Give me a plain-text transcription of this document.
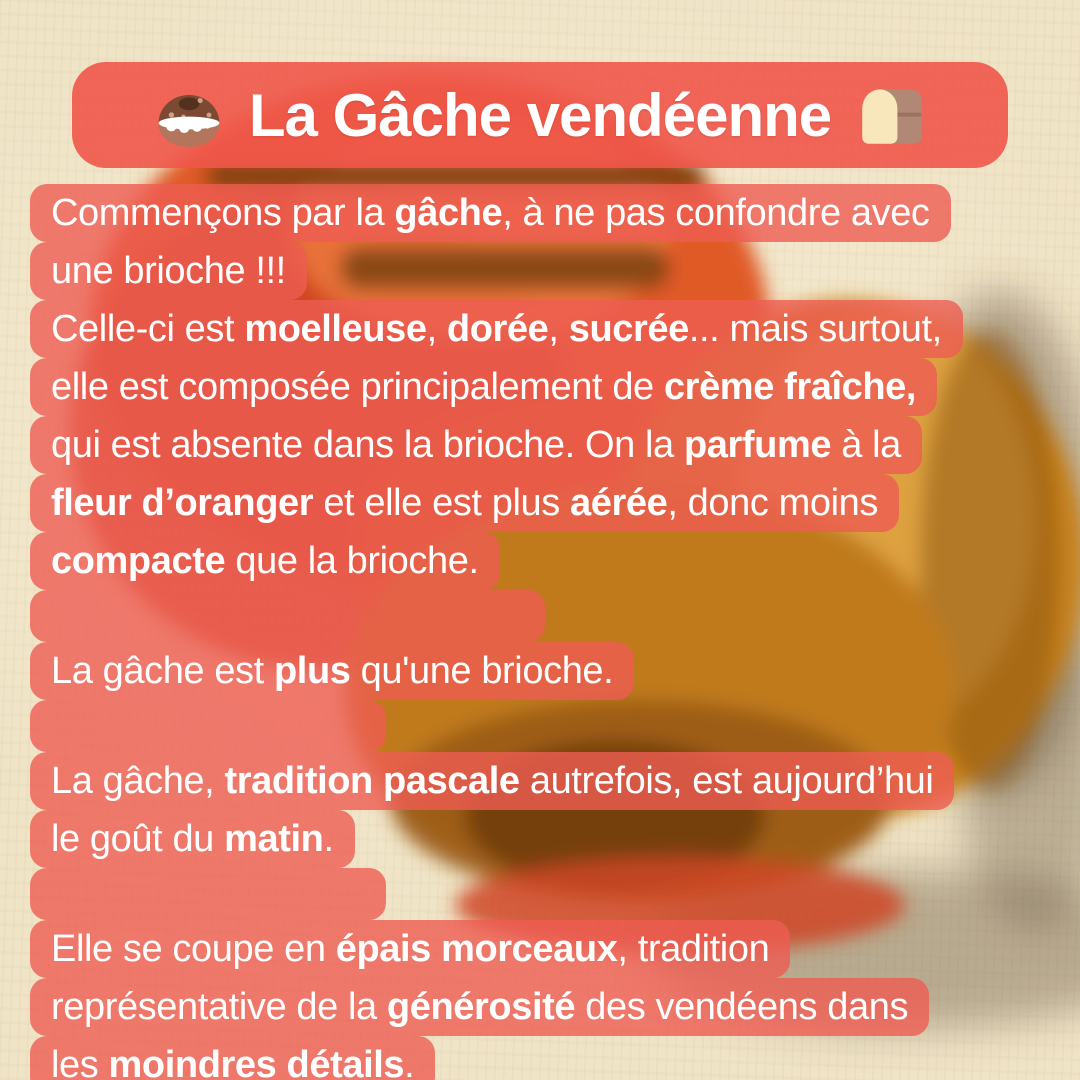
La Gâche vendéenne
Commençons par la gâche, à ne pas confondre avec
une brioche !!!
Celle-ci est moelleuse, dorée, sucrée... mais surtout,
elle est composée principalement de crème fraîche,
qui est absente dans la brioche. On la parfume à la
fleur d’oranger et elle est plus aérée, donc moins
compacte que la brioche.
La gâche est plus qu'une brioche.
La gâche, tradition pascale autrefois, est aujourd’hui
le goût du matin.
Elle se coupe en épais morceaux, tradition
représentative de la générosité des vendéens dans
les moindres détails.
